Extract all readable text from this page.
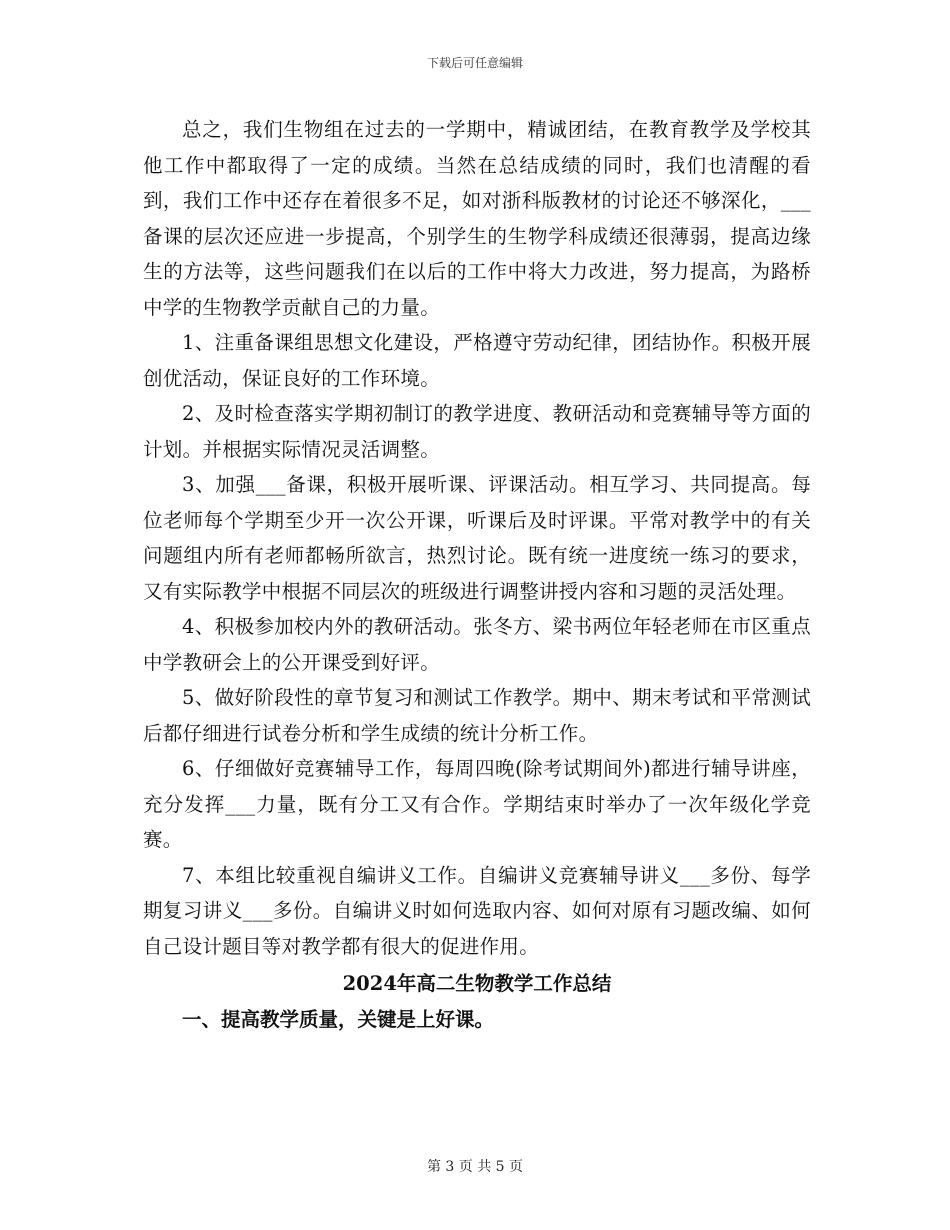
下载后可任意编辑

总之，我们生物组在过去的一学期中，精诚团结，在教育教学及学校其他工作中都取得了一定的成绩。当然在总结成绩的同时，我们也清醒的看到，我们工作中还存在着很多不足，如对浙科版教材的讨论还不够深化，___备课的层次还应进一步提高，个别学生的生物学科成绩还很薄弱，提高边缘生的方法等，这些问题我们在以后的工作中将大力改进，努力提高，为路桥中学的生物教学贡献自己的力量。

1、注重备课组思想文化建设，严格遵守劳动纪律，团结协作。积极开展创优活动，保证良好的工作环境。

2、及时检查落实学期初制订的教学进度、教研活动和竞赛辅导等方面的计划。并根据实际情况灵活调整。

3、加强___备课，积极开展听课、评课活动。相互学习、共同提高。每位老师每个学期至少开一次公开课，听课后及时评课。平常对教学中的有关问题组内所有老师都畅所欲言，热烈讨论。既有统一进度统一练习的要求，又有实际教学中根据不同层次的班级进行调整讲授内容和习题的灵活处理。

4、积极参加校内外的教研活动。张冬方、梁书两位年轻老师在市区重点中学教研会上的公开课受到好评。

5、做好阶段性的章节复习和测试工作教学。期中、期末考试和平常测试后都仔细进行试卷分析和学生成绩的统计分析工作。

6、仔细做好竞赛辅导工作，每周四晚(除考试期间外)都进行辅导讲座，充分发挥___力量，既有分工又有合作。学期结束时举办了一次年级化学竞赛。

7、本组比较重视自编讲义工作。自编讲义竞赛辅导讲义___多份、每学期复习讲义___多份。自编讲义时如何选取内容、如何对原有习题改编、如何自己设计题目等对教学都有很大的促进作用。

2024年高二生物教学工作总结
一、提高教学质量，关键是上好课。
第 3 页 共 5 页
